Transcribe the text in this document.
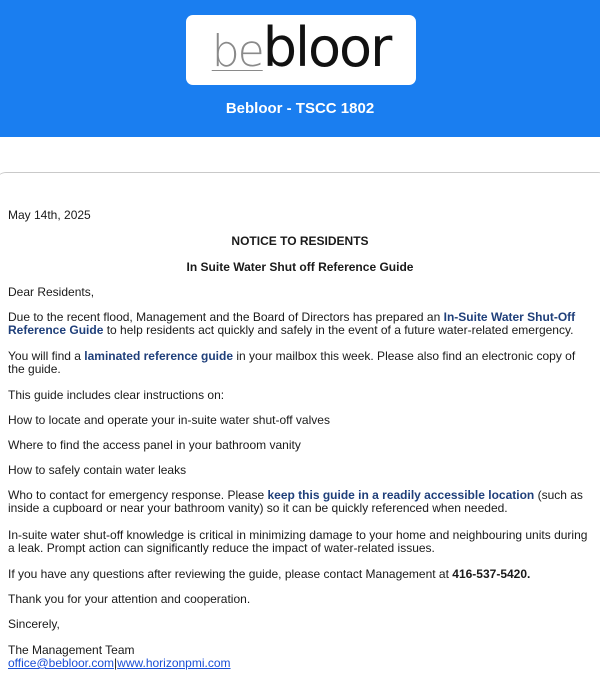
bebloor
Bebloor - TSCC 1802
May 14th, 2025
NOTICE TO RESIDENTS
In Suite Water Shut off Reference Guide
Dear Residents,
Due to the recent flood, Management and the Board of Directors has prepared an In-Suite Water Shut-Off Reference Guide to help residents act quickly and safely in the event of a future water-related emergency.
You will find a laminated reference guide in your mailbox this week. Please also find an electronic copy of the guide.
This guide includes clear instructions on:
How to locate and operate your in-suite water shut-off valves
Where to find the access panel in your bathroom vanity
How to safely contain water leaks
Who to contact for emergency response. Please keep this guide in a readily accessible location (such as inside a cupboard or near your bathroom vanity) so it can be quickly referenced when needed.
In-suite water shut-off knowledge is critical in minimizing damage to your home and neighbouring units during a leak. Prompt action can significantly reduce the impact of water-related issues.
If you have any questions after reviewing the guide, please contact Management at 416-537-5420.
Thank you for your attention and cooperation.
Sincerely,
The Management Team
office@bebloor.com|www.horizonpmi.com
